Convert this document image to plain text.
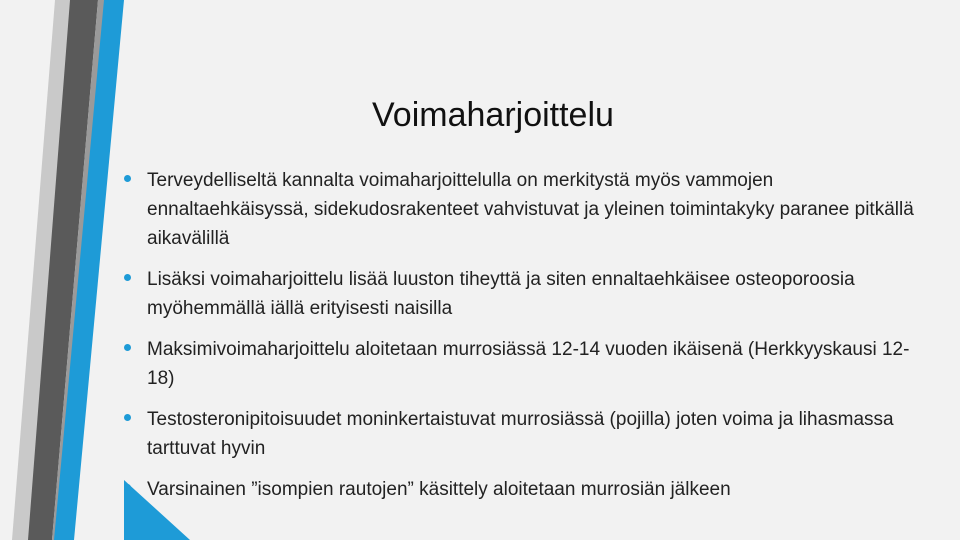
Voimaharjoittelu
Terveydelliseltä kannalta voimaharjoittelulla on merkitystä myös vammojen ennaltaehkäisyssä, sidekudosrakenteet vahvistuvat ja yleinen toimintakyky paranee pitkällä aikavälillä
Lisäksi voimaharjoittelu lisää luuston tiheyttä ja siten ennaltaehkäisee osteoporoosia myöhemmällä iällä erityisesti naisilla
Maksimivoimaharjoittelu aloitetaan murrosiässä 12-14 vuoden ikäisenä (Herkkyyskausi 12-18)
Testosteronipitoisuudet moninkertaistuvat murrosiässä (pojilla) joten voima ja lihasmassa tarttuvat hyvin
Varsinainen ”isompien rautojen” käsittely aloitetaan murrosiän jälkeen
